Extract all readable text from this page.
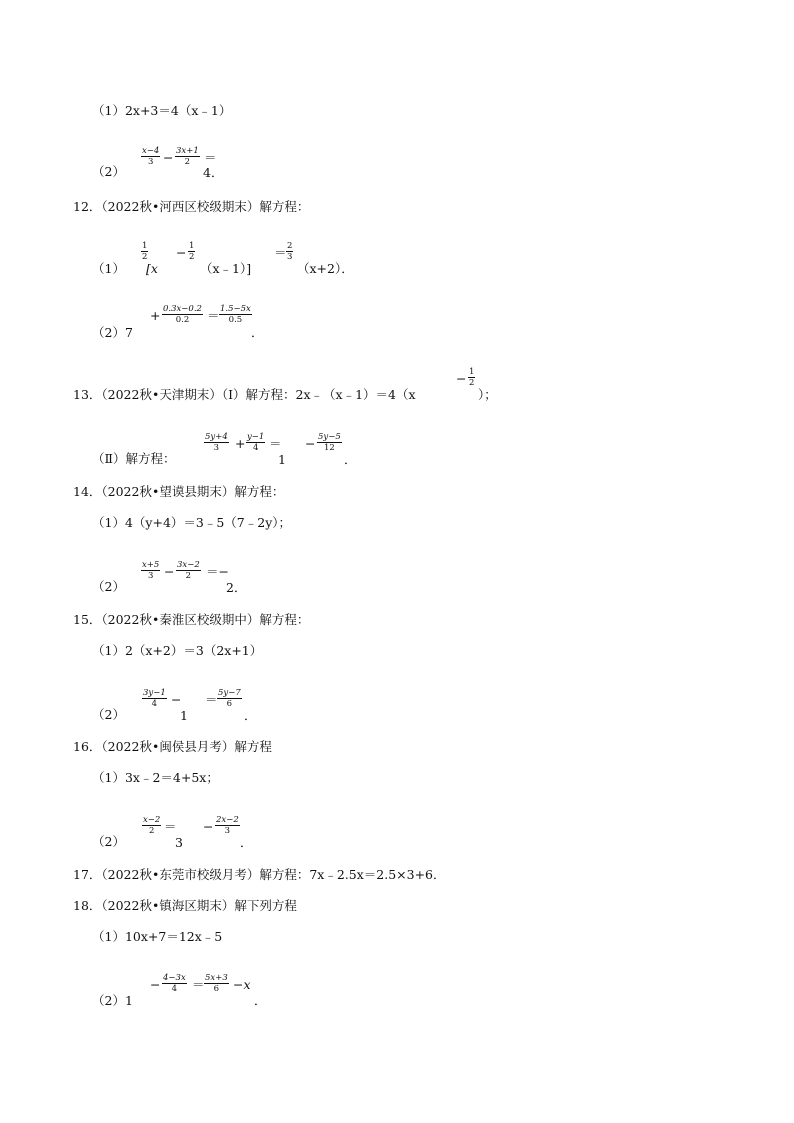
（1）2x+3＝4（x﹣1）
（2）
$\frac{x-4}{3} - \frac{3x+1}{2}$ ＝
4．
12．（2022秋•河西区校级期末）解方程：
（1）
$\frac{1}{2}$
[x
− $\frac{1}{2}$
（x﹣1）]
＝ $\frac{2}{3}$
（x+2）．
（2）7
+ $\frac{0.3x-0.2}{0.2} = \frac{1.5-5x}{0.5}$
．
13．（2022秋•天津期末）（Ⅰ）解方程：2x﹣（x﹣1）＝4（x
− $\frac{1}{2}$
）；
（Ⅱ）解方程：
$\frac{5y+4}{3} + \frac{y-1}{4}$ ＝
1
− $\frac{5y-5}{12}$
．
14．（2022秋•望谟县期末）解方程：
（1）4（y+4）＝3﹣5（7﹣2y）；
（2）
$\frac{x+5}{3} - \frac{3x-2}{2}$ ＝−
2．
15．（2022秋•秦淮区校级期中）解方程：
（1）2（x+2）＝3（2x+1）
（2）
$\frac{3y-1}{4}$ −
1
＝ $\frac{5y-7}{6}$
．
16．（2022秋•闽侯县月考）解方程
（1）3x﹣2＝4+5x；
（2）
$\frac{x-2}{2}$ ＝
3
− $\frac{2x-2}{3}$
．
17．（2022秋•东莞市校级月考）解方程：7x﹣2.5x＝2.5×3+6．
18．（2022秋•镇海区期末）解下列方程
（1）10x+7＝12x﹣5
（2）1
− $\frac{4-3x}{4} = \frac{5x+3}{6} -x$
．
